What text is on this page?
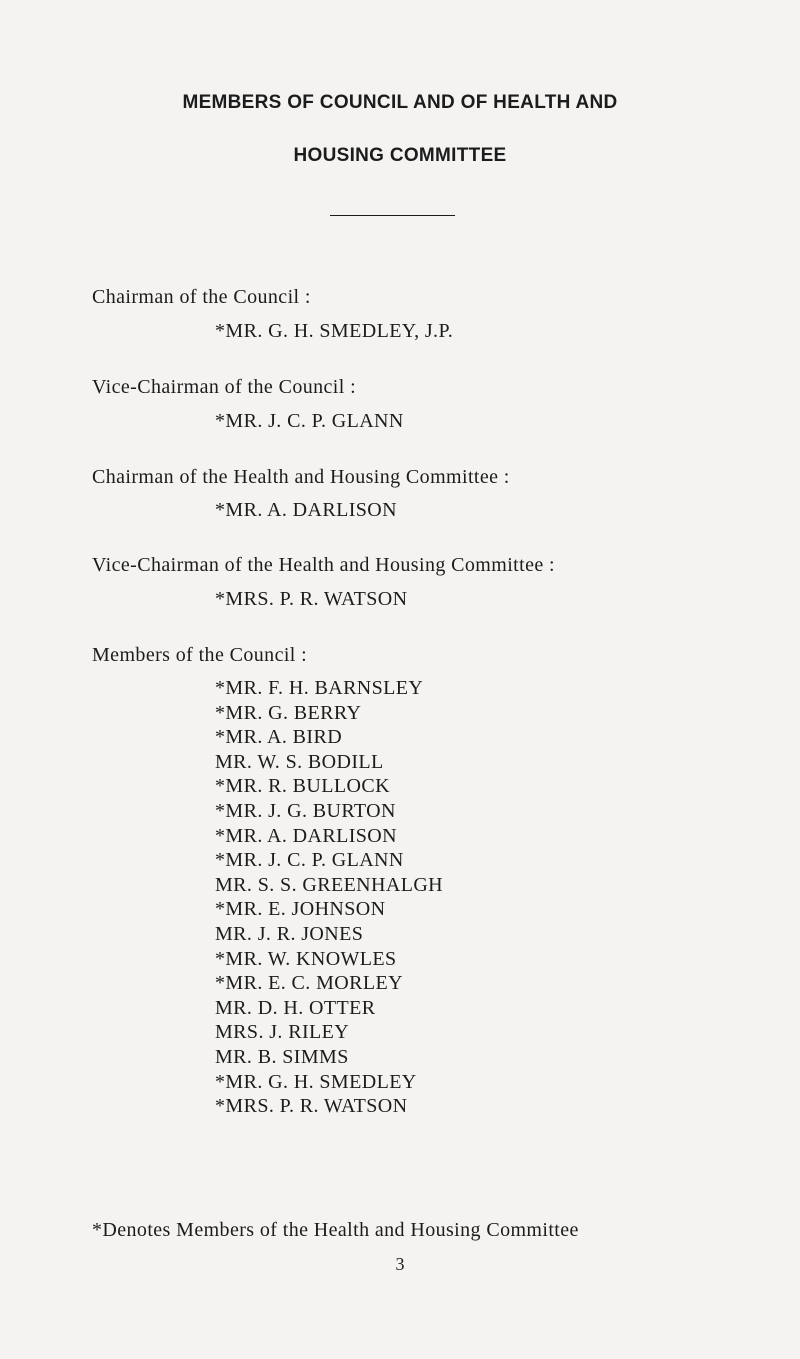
MEMBERS OF COUNCIL AND OF HEALTH AND
HOUSING COMMITTEE
Chairman of the Council :
*MR. G. H. SMEDLEY, J.P.
Vice-Chairman of the Council :
*MR. J. C. P. GLANN
Chairman of the Health and Housing Committee :
*MR. A. DARLISON
Vice-Chairman of the Health and Housing Committee :
*MRS. P. R. WATSON
Members of the Council :
*MR. F. H. BARNSLEY
*MR. G. BERRY
*MR. A. BIRD
MR. W. S. BODILL
*MR. R. BULLOCK
*MR. J. G. BURTON
*MR. A. DARLISON
*MR. J. C. P. GLANN
MR. S. S. GREENHALGH
*MR. E. JOHNSON
MR. J. R. JONES
*MR. W. KNOWLES
*MR. E. C. MORLEY
MR. D. H. OTTER
MRS. J. RILEY
MR. B. SIMMS
*MR. G. H. SMEDLEY
*MRS. P. R. WATSON
*Denotes Members of the Health and Housing Committee
3
